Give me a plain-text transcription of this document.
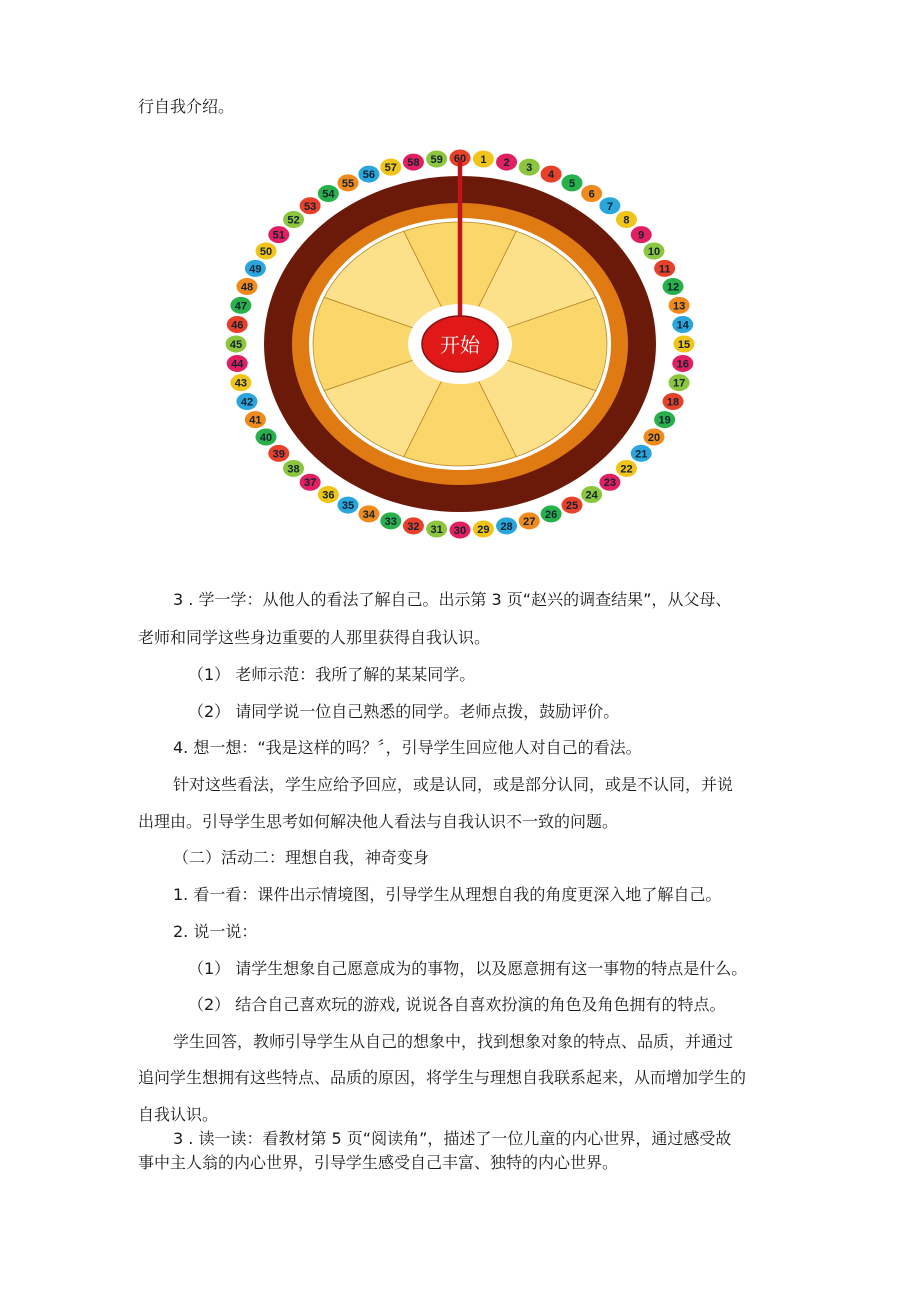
行自我介绍。
1 2 3
4
5
6
7
8
9
10
11
12
13
14
15
16
17
18
19
20
21
22
23
24
25
26
27
28
29
30
31
32
33
34
35
36
37
38
39
40
41
42
43
44
45
46
47
48
49
50
51
52
53
54
55
56
57 58 59 60
开始
3 . 学一学：从他人的看法了解自己。出示第 3 页“赵兴的调查结果”，从父母、
老师和同学这些身边重要的人那里获得自我认识。
（1） 老师示范：我所了解的某某同学。
（2） 请同学说一位自己熟悉的同学。老师点拨，鼓励评价。
4. 想一想：“我是这样的吗？〞，引导学生回应他人对自己的看法。
针对这些看法，学生应给予回应，或是认同，或是部分认同，或是不认同，并说
出理由。引导学生思考如何解决他人看法与自我认识不一致的问题。
（二）活动二：理想自我，神奇变身
1. 看一看：课件出示情境图，引导学生从理想自我的角度更深入地了解自己。
2. 说一说：
（1） 请学生想象自己愿意成为的事物，以及愿意拥有这一事物的特点是什么。
（2） 结合自己喜欢玩的游戏, 说说各自喜欢扮演的角色及角色拥有的特点。
学生回答，教师引导学生从自己的想象中，找到想象对象的特点、品质，并通过
追问学生想拥有这些特点、品质的原因，将学生与理想自我联系起来，从而增加学生的
自我认识。
3 . 读一读：看教材第 5 页“阅读角”，描述了一位儿童的内心世界，通过感受故
事中主人翁的内心世界，引导学生感受自己丰富、独特的内心世界。
